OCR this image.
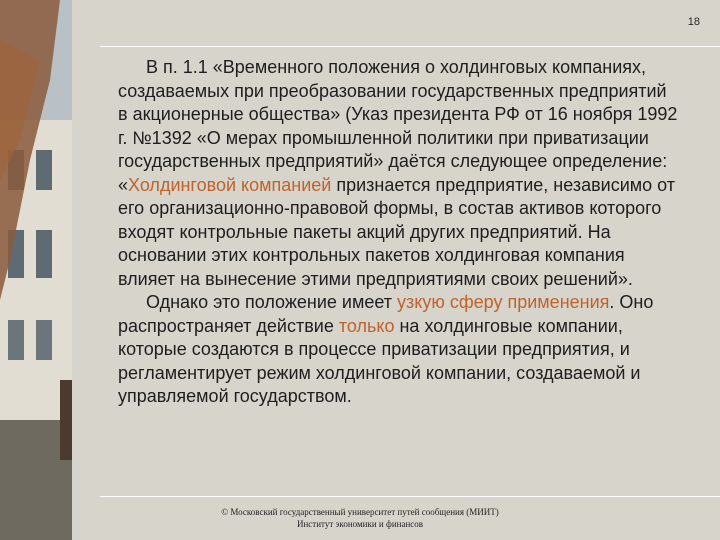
18

В п. 1.1 «Временного положения о холдинговых компаниях, создаваемых при преобразовании государственных предприятий в акционерные общества» (Указ президента РФ от 16 ноября 1992 г. №1392 «О мерах промышленной политики при приватизации государственных предприятий» даётся следующее определение: «Холдинговой компанией признается предприятие, независимо от его организационно-правовой формы, в состав активов которого входят контрольные пакеты акций других предприятий. На основании этих контрольных пакетов холдинговая компания влияет на вынесение этими предприятиями своих решений».

Однако это положение имеет узкую сферу применения. Оно распространяет действие только на холдинговые компании, которые создаются в процессе приватизации предприятия, и регламентирует режим холдинговой компании, создаваемой и управляемой государством.

© Московский государственный университет путей сообщения (МИИТ)
Институт экономики и финансов
